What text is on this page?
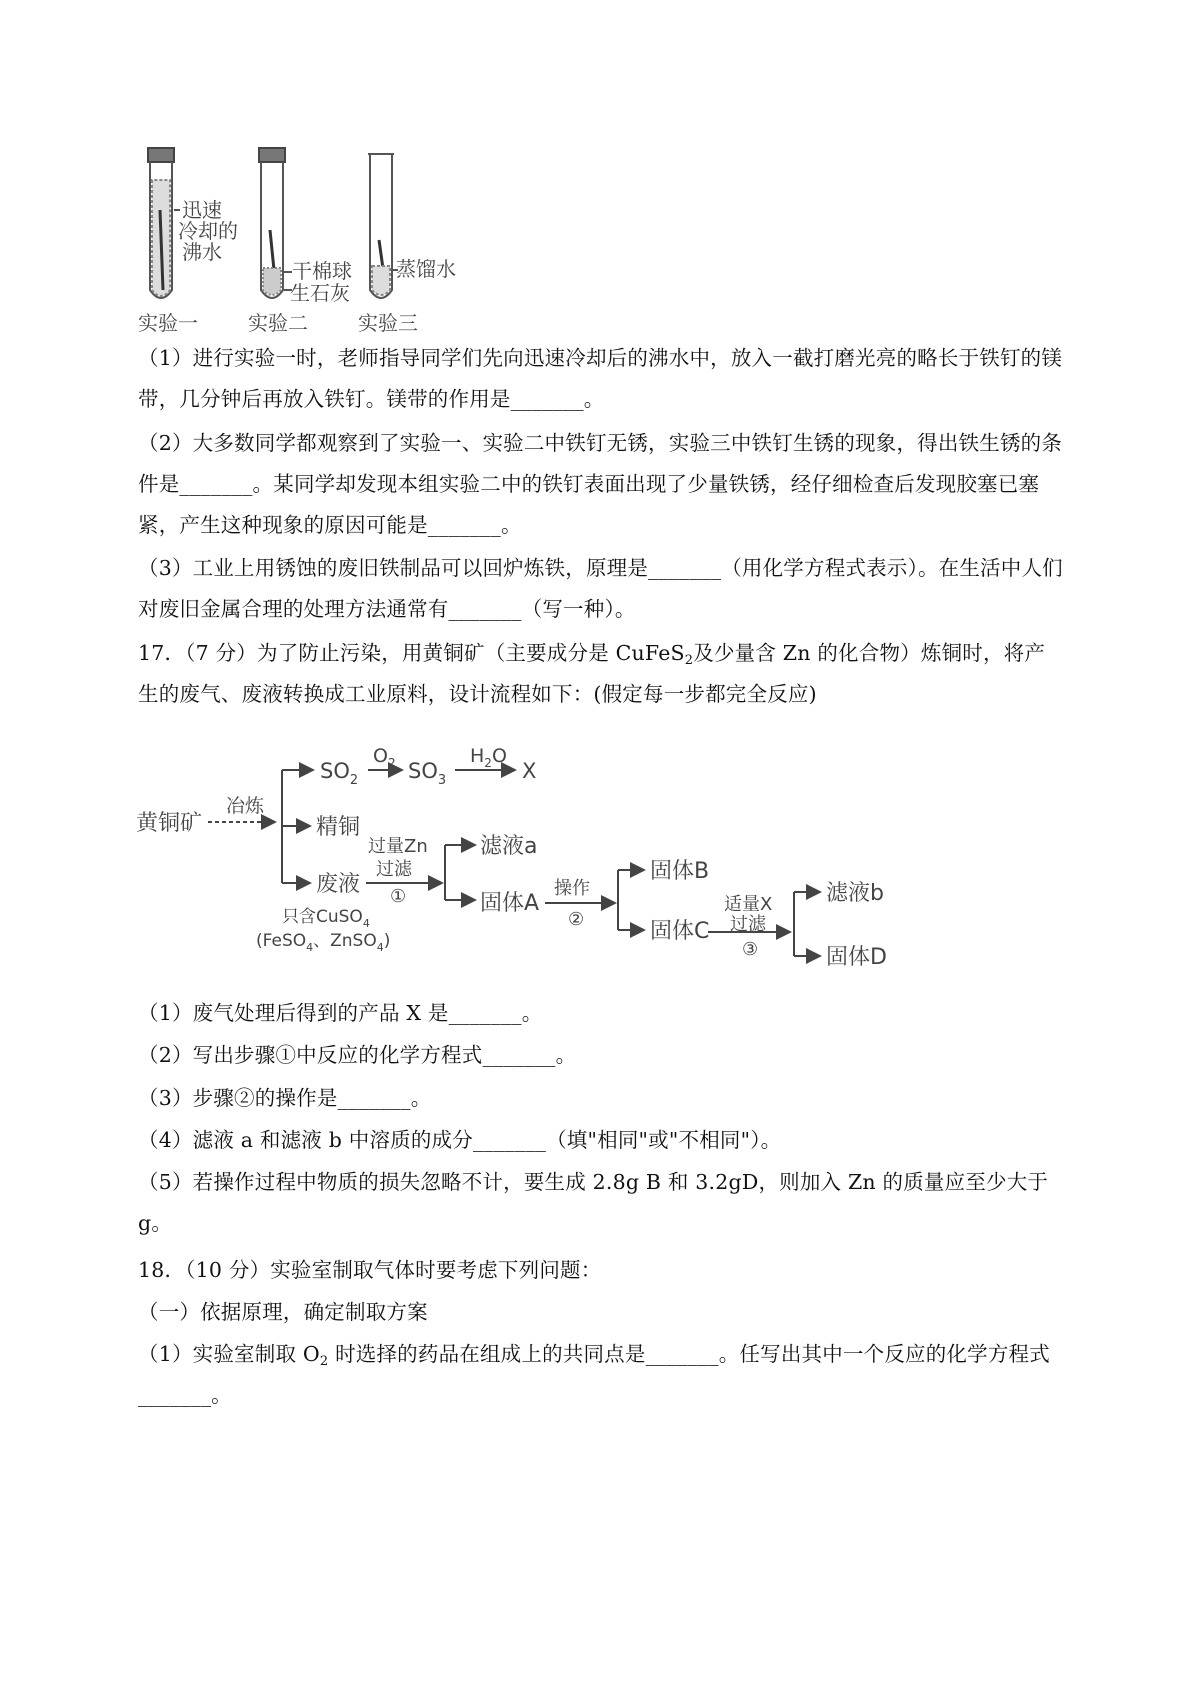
迅速
冷却的
沸水
干棉球
生石灰
蒸馏水
实验一	实验二	实验三
（1）进行实验一时，老师指导同学们先向迅速冷却后的沸水中，放入一截打磨光亮的略长于铁钉的镁带，几分钟后再放入铁钉。镁带的作用是_______。
（2）大多数同学都观察到了实验一、实验二中铁钉无锈，实验三中铁钉生锈的现象，得出铁生锈的条件是_______。某同学却发现本组实验二中的铁钉表面出现了少量铁锈，经仔细检查后发现胶塞已塞紧，产生这种现象的原因可能是_______。
（3）工业上用锈蚀的废旧铁制品可以回炉炼铁，原理是_______（用化学方程式表示）。在生活中人们对废旧金属合理的处理方法通常有_______（写一种）。
17．（7 分）为了防止污染，用黄铜矿（主要成分是 CuFeS$_2$及少量含 Zn 的化合物）炼铜时，将产生的废气、废液转换成工业原料，设计流程如下：(假定每一步都完全反应)
黄铜矿
冶炼
$SO_2$
$O_2$ $SO_3$
$H_2O$
X
精铜
废液
只含CuSO$_4$
(FeSO$_4$、ZnSO$_4$)
过量Zn
过滤
①
滤液a
固体A
操作
②
固体B
固体C
适量X
过滤
③
滤液b
固体D
（1）废气处理后得到的产品 X 是_______。
（2）写出步骤①中反应的化学方程式_______。
（3）步骤②的操作是_______。
（4）滤液 a 和滤液 b 中溶质的成分_______（填"相同"或"不相同"）。
（5）若操作过程中物质的损失忽略不计，要生成 2.8g B 和 3.2gD，则加入 Zn 的质量应至少大于g。
18．（10 分）实验室制取气体时要考虑下列问题：
（一）依据原理，确定制取方案
（1）实验室制取 $O_2$ 时选择的药品在组成上的共同点是_______。任写出其中一个反应的化学方程式_______。
